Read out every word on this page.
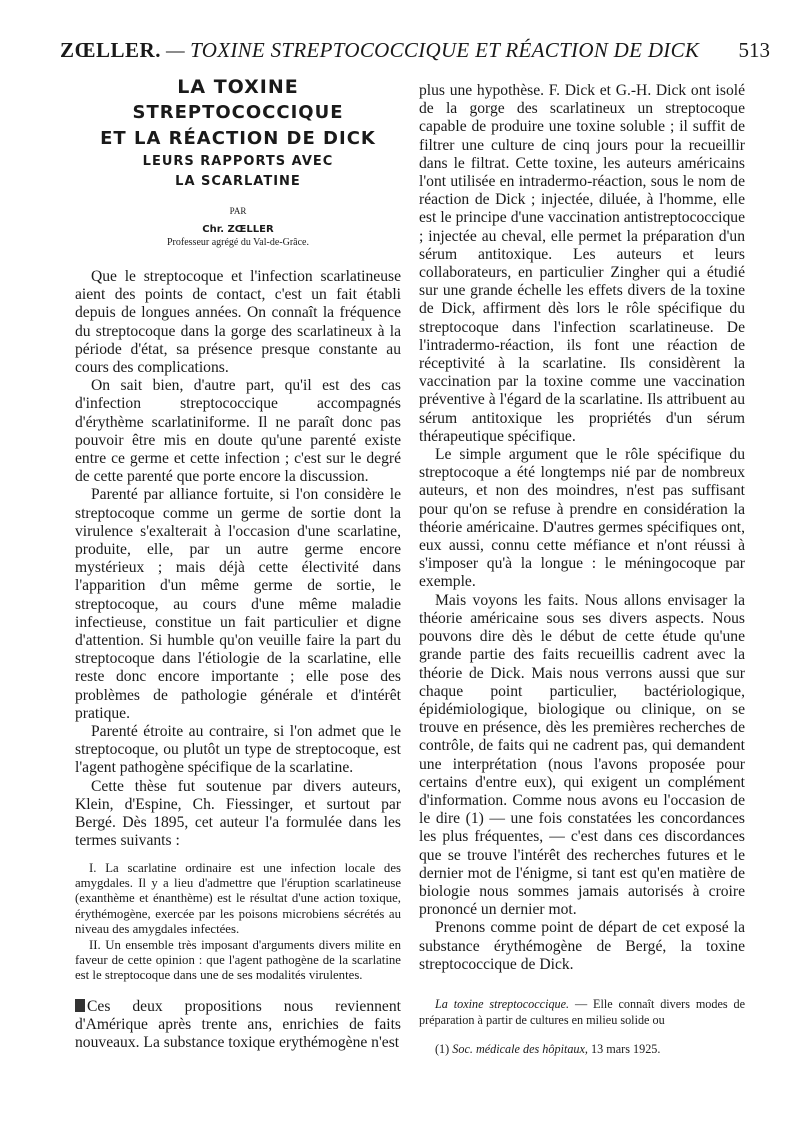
ZŒLLER. — TOXINE STREPTOCOCCIQUE ET RÉACTION DE DICK 513
LA TOXINE
STREPTOCOCCIQUE
ET LA RÉACTION DE DICK
LEURS RAPPORTS AVEC
LA SCARLATINE
PAR
Chr. ZŒLLER
Professeur agrégé du Val-de-Grâce.

Que le streptocoque et l'infection scarlatineuse aient des points de contact, c'est un fait établi depuis de longues années. On connaît la fréquence du streptocoque dans la gorge des scarlatineux à la période d'état, sa présence presque constante au cours des complications.

On sait bien, d'autre part, qu'il est des cas d'infection streptococcique accompagnés d'érythème scarlatiniforme. Il ne paraît donc pas pouvoir être mis en doute qu'une parenté existe entre ce germe et cette infection ; c'est sur le degré de cette parenté que porte encore la discussion.

Parenté par alliance fortuite, si l'on considère le streptocoque comme un germe de sortie dont la virulence s'exalterait à l'occasion d'une scarlatine, produite, elle, par un autre germe encore mystérieux ; mais déjà cette électivité dans l'apparition d'un même germe de sortie, le streptocoque, au cours d'une même maladie infectieuse, constitue un fait particulier et digne d'attention. Si humble qu'on veuille faire la part du streptocoque dans l'étiologie de la scarlatine, elle reste donc encore importante ; elle pose des problèmes de pathologie générale et d'intérêt pratique.

Parenté étroite au contraire, si l'on admet que le streptocoque, ou plutôt un type de streptocoque, est l'agent pathogène spécifique de la scarlatine.

Cette thèse fut soutenue par divers auteurs, Klein, d'Espine, Ch. Fiessinger, et surtout par Bergé. Dès 1895, cet auteur l'a formulée dans les termes suivants :

I. La scarlatine ordinaire est une infection locale des amygdales. Il y a lieu d'admettre que l'éruption scarlatineuse (exanthème et énanthème) est le résultat d'une action toxique, érythémogène, exercée par les poisons microbiens sécrétés au niveau des amygdales infectées.

II. Un ensemble très imposant d'arguments divers milite en faveur de cette opinion : que l'agent pathogène de la scarlatine est le streptocoque dans une de ses modalités virulentes.

Ces deux propositions nous reviennent d'Amérique après trente ans, enrichies de faits nouveaux. La substance toxique erythémogène n'est

plus une hypothèse. F. Dick et G.-H. Dick ont isolé de la gorge des scarlatineux un streptocoque capable de produire une toxine soluble ; il suffit de filtrer une culture de cinq jours pour la recueillir dans le filtrat. Cette toxine, les auteurs américains l'ont utilisée en intradermo-réaction, sous le nom de réaction de Dick ; injectée, diluée, à l'homme, elle est le principe d'une vaccination antistreptococcique ; injectée au cheval, elle permet la préparation d'un sérum antitoxique. Les auteurs et leurs collaborateurs, en particulier Zingher qui a étudié sur une grande échelle les effets divers de la toxine de Dick, affirment dès lors le rôle spécifique du streptocoque dans l'infection scarlatineuse. De l'intradermo-réaction, ils font une réaction de réceptivité à la scarlatine. Ils considèrent la vaccination par la toxine comme une vaccination préventive à l'égard de la scarlatine. Ils attribuent au sérum antitoxique les propriétés d'un sérum thérapeutique spécifique.

Le simple argument que le rôle spécifique du streptocoque a été longtemps nié par de nombreux auteurs, et non des moindres, n'est pas suffisant pour qu'on se refuse à prendre en considération la théorie américaine. D'autres germes spécifiques ont, eux aussi, connu cette méfiance et n'ont réussi à s'imposer qu'à la longue : le méningocoque par exemple.

Mais voyons les faits. Nous allons envisager la théorie américaine sous ses divers aspects. Nous pouvons dire dès le début de cette étude qu'une grande partie des faits recueillis cadrent avec la théorie de Dick. Mais nous verrons aussi que sur chaque point particulier, bactériologique, épidémiologique, biologique ou clinique, on se trouve en présence, dès les premières recherches de contrôle, de faits qui ne cadrent pas, qui demandent une interprétation (nous l'avons proposée pour certains d'entre eux), qui exigent un complément d'information. Comme nous avons eu l'occasion de le dire (1) — une fois constatées les concordances les plus fréquentes, — c'est dans ces discordances que se trouve l'intérêt des recherches futures et le dernier mot de l'énigme, si tant est qu'en matière de biologie nous sommes jamais autorisés à croire prononcé un dernier mot.

Prenons comme point de départ de cet exposé la substance érythémogène de Bergé, la toxine streptococcique de Dick.

La toxine streptococcique. — Elle connaît divers modes de préparation à partir de cultures en milieu solide ou

(1) Soc. médicale des hôpitaux, 13 mars 1925.
